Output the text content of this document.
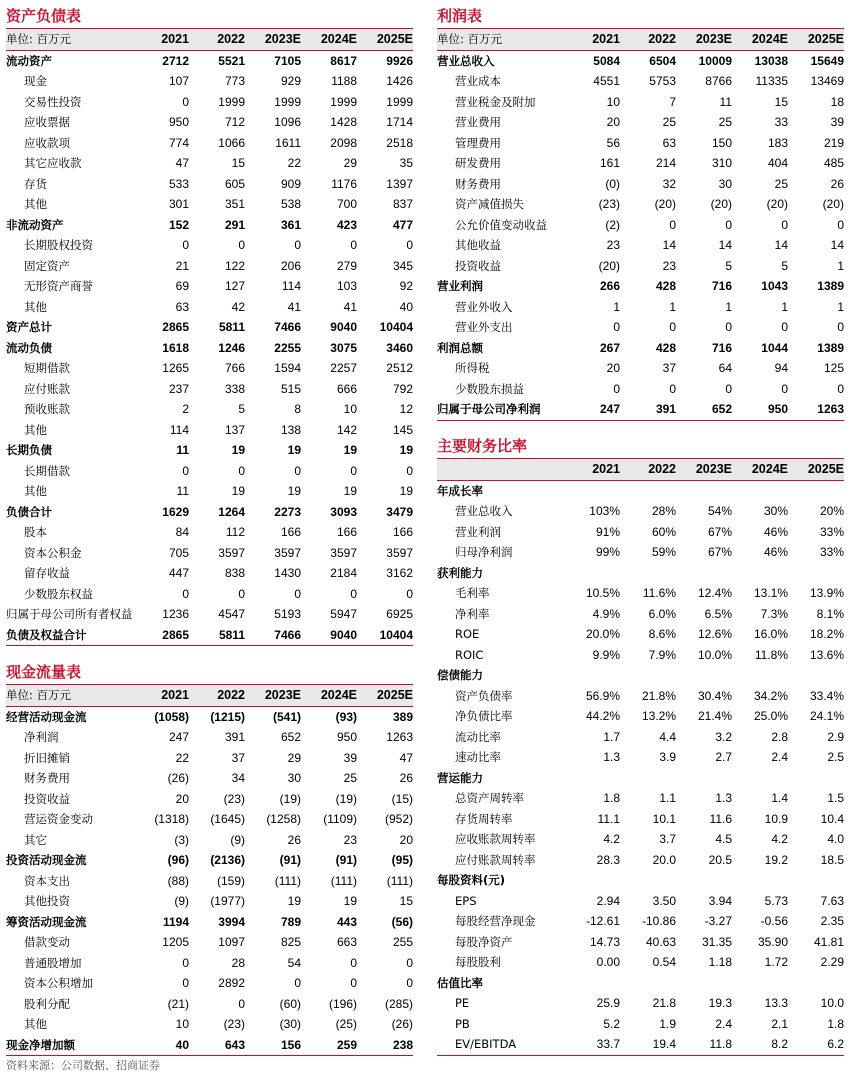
资产负债表
单位: 百万元	2021	2022	2023E	2024E	2025E
流动资产	2712	5521	7105	8617	9926
现金	107	773	929	1188	1426
交易性投资	0	1999	1999	1999	1999
应收票据	950	712	1096	1428	1714
应收款项	774	1066	1611	2098	2518
其它应收款	47	15	22	29	35
存货	533	605	909	1176	1397
其他	301	351	538	700	837
非流动资产	152	291	361	423	477
长期股权投资	0	0	0	0	0
固定资产	21	122	206	279	345
无形资产商誉	69	127	114	103	92
其他	63	42	41	41	40
资产总计	2865	5811	7466	9040	10404
流动负债	1618	1246	2255	3075	3460
短期借款	1265	766	1594	2257	2512
应付账款	237	338	515	666	792
预收账款	2	5	8	10	12
其他	114	137	138	142	145
长期负债	11	19	19	19	19
长期借款	0	0	0	0	0
其他	11	19	19	19	19
负债合计	1629	1264	2273	3093	3479
股本	84	112	166	166	166
资本公积金	705	3597	3597	3597	3597
留存收益	447	838	1430	2184	3162
少数股东权益	0	0	0	0	0
归属于母公司所有者权益	1236	4547	5193	5947	6925
负债及权益合计	2865	5811	7466	9040	10404
利润表
单位: 百万元	2021	2022	2023E	2024E	2025E
营业总收入	5084	6504	10009	13038	15649
营业成本	4551	5753	8766	11335	13469
营业税金及附加	10	7	11	15	18
营业费用	20	25	25	33	39
管理费用	56	63	150	183	219
研发费用	161	214	310	404	485
财务费用	(0)	32	30	25	26
资产减值损失	(23)	(20)	(20)	(20)	(20)
公允价值变动收益	(2)	0	0	0	0
其他收益	23	14	14	14	14
投资收益	(20)	23	5	5	1
营业利润	266	428	716	1043	1389
营业外收入	1	1	1	1	1
营业外支出	0	0	0	0	0
利润总额	267	428	716	1044	1389
所得税	20	37	64	94	125
少数股东损益	0	0	0	0	0
归属于母公司净利润	247	391	652	950	1263
主要财务比率
	2021	2022	2023E	2024E	2025E
年成长率					
营业总收入	103%	28%	54%	30%	20%
营业利润	91%	60%	67%	46%	33%
归母净利润	99%	59%	67%	46%	33%
获利能力					
毛利率	10.5%	11.6%	12.4%	13.1%	13.9%
净利率	4.9%	6.0%	6.5%	7.3%	8.1%
ROE	20.0%	8.6%	12.6%	16.0%	18.2%
ROIC	9.9%	7.9%	10.0%	11.8%	13.6%
偿债能力					
资产负债率	56.9%	21.8%	30.4%	34.2%	33.4%
净负债比率	44.2%	13.2%	21.4%	25.0%	24.1%
流动比率	1.7	4.4	3.2	2.8	2.9
速动比率	1.3	3.9	2.7	2.4	2.5
营运能力					
总资产周转率	1.8	1.1	1.3	1.4	1.5
存货周转率	11.1	10.1	11.6	10.9	10.4
应收账款周转率	4.2	3.7	4.5	4.2	4.0
应付账款周转率	28.3	20.0	20.5	19.2	18.5
每股资料(元)					
EPS	2.94	3.50	3.94	5.73	7.63
每股经营净现金	-12.61	-10.86	-3.27	-0.56	2.35
每股净资产	14.73	40.63	31.35	35.90	41.81
每股股利	0.00	0.54	1.18	1.72	2.29
估值比率					
PE	25.9	21.8	19.3	13.3	10.0
PB	5.2	1.9	2.4	2.1	1.8
EV/EBITDA	33.7	19.4	11.8	8.2	6.2
现金流量表
单位: 百万元	2021	2022	2023E	2024E	2025E
经营活动现金流	(1058)	(1215)	(541)	(93)	389
净利润	247	391	652	950	1263
折旧摊销	22	37	29	39	47
财务费用	(26)	34	30	25	26
投资收益	20	(23)	(19)	(19)	(15)
营运资金变动	(1318)	(1645)	(1258)	(1109)	(952)
其它	(3)	(9)	26	23	20
投资活动现金流	(96)	(2136)	(91)	(91)	(95)
资本支出	(88)	(159)	(111)	(111)	(111)
其他投资	(9)	(1977)	19	19	15
筹资活动现金流	1194	3994	789	443	(56)
借款变动	1205	1097	825	663	255
普通股增加	0	28	54	0	0
资本公积增加	0	2892	0	0	0
股利分配	(21)	0	(60)	(196)	(285)
其他	10	(23)	(30)	(25)	(26)
现金净增加额	40	643	156	259	238
资料来源：公司数据、招商证券
